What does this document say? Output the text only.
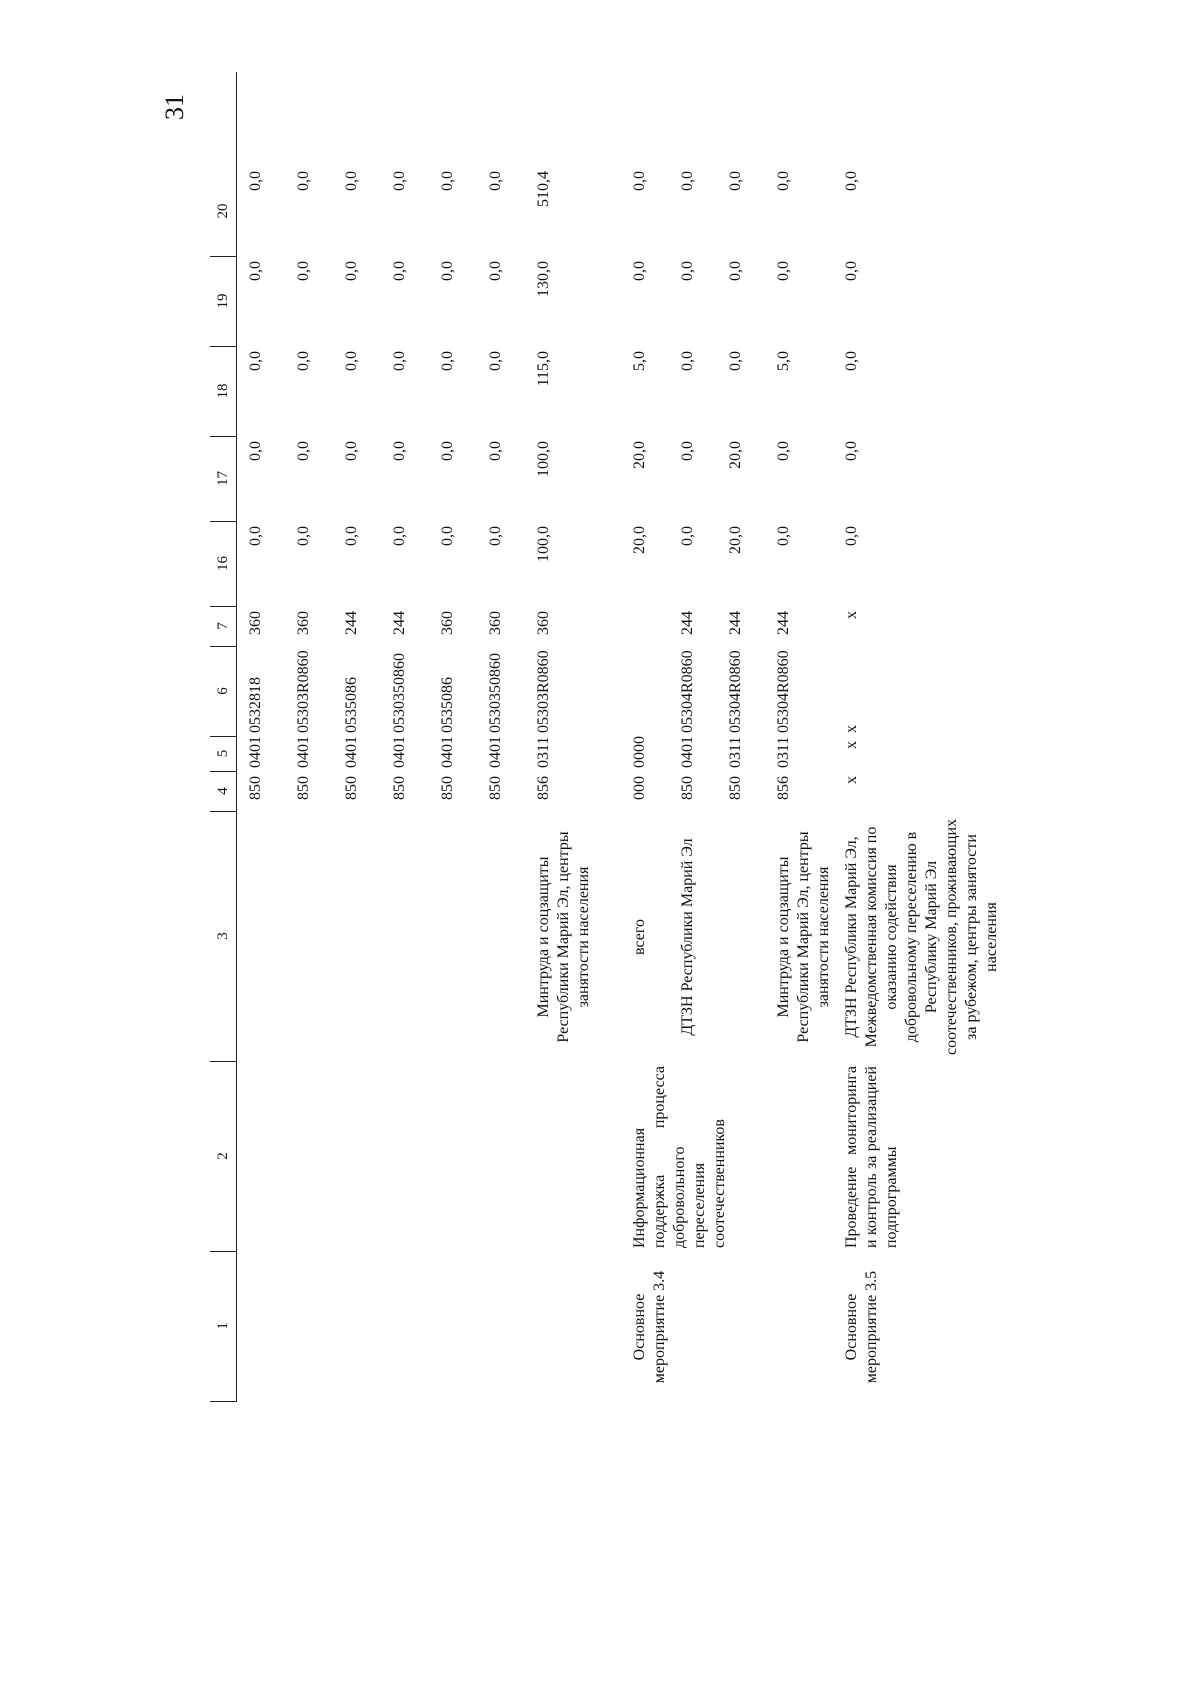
31
1
2
3
4
5
6
7
16
17
18
19
20
850
0401
0532818
360
0,0
0,0
0,0
0,0
0,0
850
0401
05303R0860
360
0,0
0,0
0,0
0,0
0,0
850
0401
0535086
244
0,0
0,0
0,0
0,0
0,0
850
0401
0530350860
244
0,0
0,0
0,0
0,0
0,0
850
0401
0535086
360
0,0
0,0
0,0
0,0
0,0
850
0401
0530350860
360
0,0
0,0
0,0
0,0
0,0
Минтруда и соцзащиты Республики Марий Эл, центры занятости населения
856
0311
05303R0860
360
100,0
100,0
115,0
130,0
510,4
Основное мероприятие 3.4
Информационная поддержка процесса добровольного переселения соотечественников
всего
000
0000
20,0
20,0
5,0
0,0
0,0
ДТЗН Республики Марий Эл
850
0401
05304R0860
244
0,0
0,0
0,0
0,0
0,0
850
0311
05304R0860
244
20,0
20,0
0,0
0,0
0,0
Минтруда и соцзащиты Республики Марий Эл, центры занятости населения
856
0311
05304R0860
244
0,0
0,0
5,0
0,0
0,0
Основное мероприятие 3.5
Проведение мониторинга и контроль за реализацией подпрограммы
ДТЗН Республики Марий Эл, Межведомственная комиссия по оказанию содействия добровольному переселению в Республику Марий Эл соотечественников, проживающих за рубежом, центры занятости населения
х
х
х
х
0,0
0,0
0,0
0,0
0,0
